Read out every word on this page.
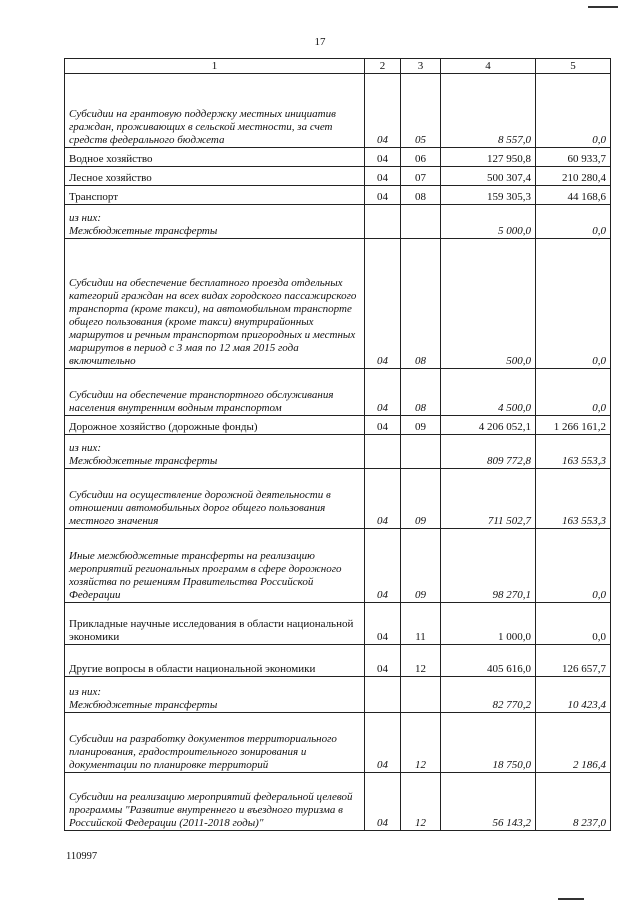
17
1	2	3	4	5
Субсидии на грантовую поддержку местных инициатив граждан, проживающих в сельской местности, за счет средств федерального бюджета	04	05	8 557,0	0,0
Водное хозяйство	04	06	127 950,8	60 933,7
Лесное хозяйство	04	07	500 307,4	210 280,4
Транспорт	04	08	159 305,3	44 168,6
из них:
Межбюджетные трансферты			5 000,0	0,0
Субсидии на обеспечение бесплатного проезда отдельных категорий граждан на всех видах городского пассажирского транспорта (кроме такси), на автомобильном транспорте общего пользования (кроме такси) внутрирайонных маршрутов и речным транспортом пригородных и местных маршрутов в период с 3 мая по 12 мая 2015 года включительно	04	08	500,0	0,0
Субсидии на обеспечение транспортного обслуживания населения внутренним водным транспортом	04	08	4 500,0	0,0
Дорожное хозяйство (дорожные фонды)	04	09	4 206 052,1	1 266 161,2
из них:
Межбюджетные трансферты			809 772,8	163 553,3
Субсидии на осуществление дорожной деятельности в отношении автомобильных дорог общего пользования местного значения	04	09	711 502,7	163 553,3
Иные межбюджетные трансферты на реализацию мероприятий региональных программ в сфере дорожного хозяйства по решениям Правительства Российской Федерации	04	09	98 270,1	0,0
Прикладные научные исследования в области национальной экономики	04	11	1 000,0	0,0
Другие вопросы в области национальной экономики	04	12	405 616,0	126 657,7
из них:
Межбюджетные трансферты			82 770,2	10 423,4
Субсидии на разработку документов территориального планирования, градостроительного зонирования и документации по планировке территорий	04	12	18 750,0	2 186,4
Субсидии на реализацию мероприятий федеральной целевой программы "Развитие внутреннего и въездного туризма в Российской Федерации (2011-2018 годы)"	04	12	56 143,2	8 237,0
110997
